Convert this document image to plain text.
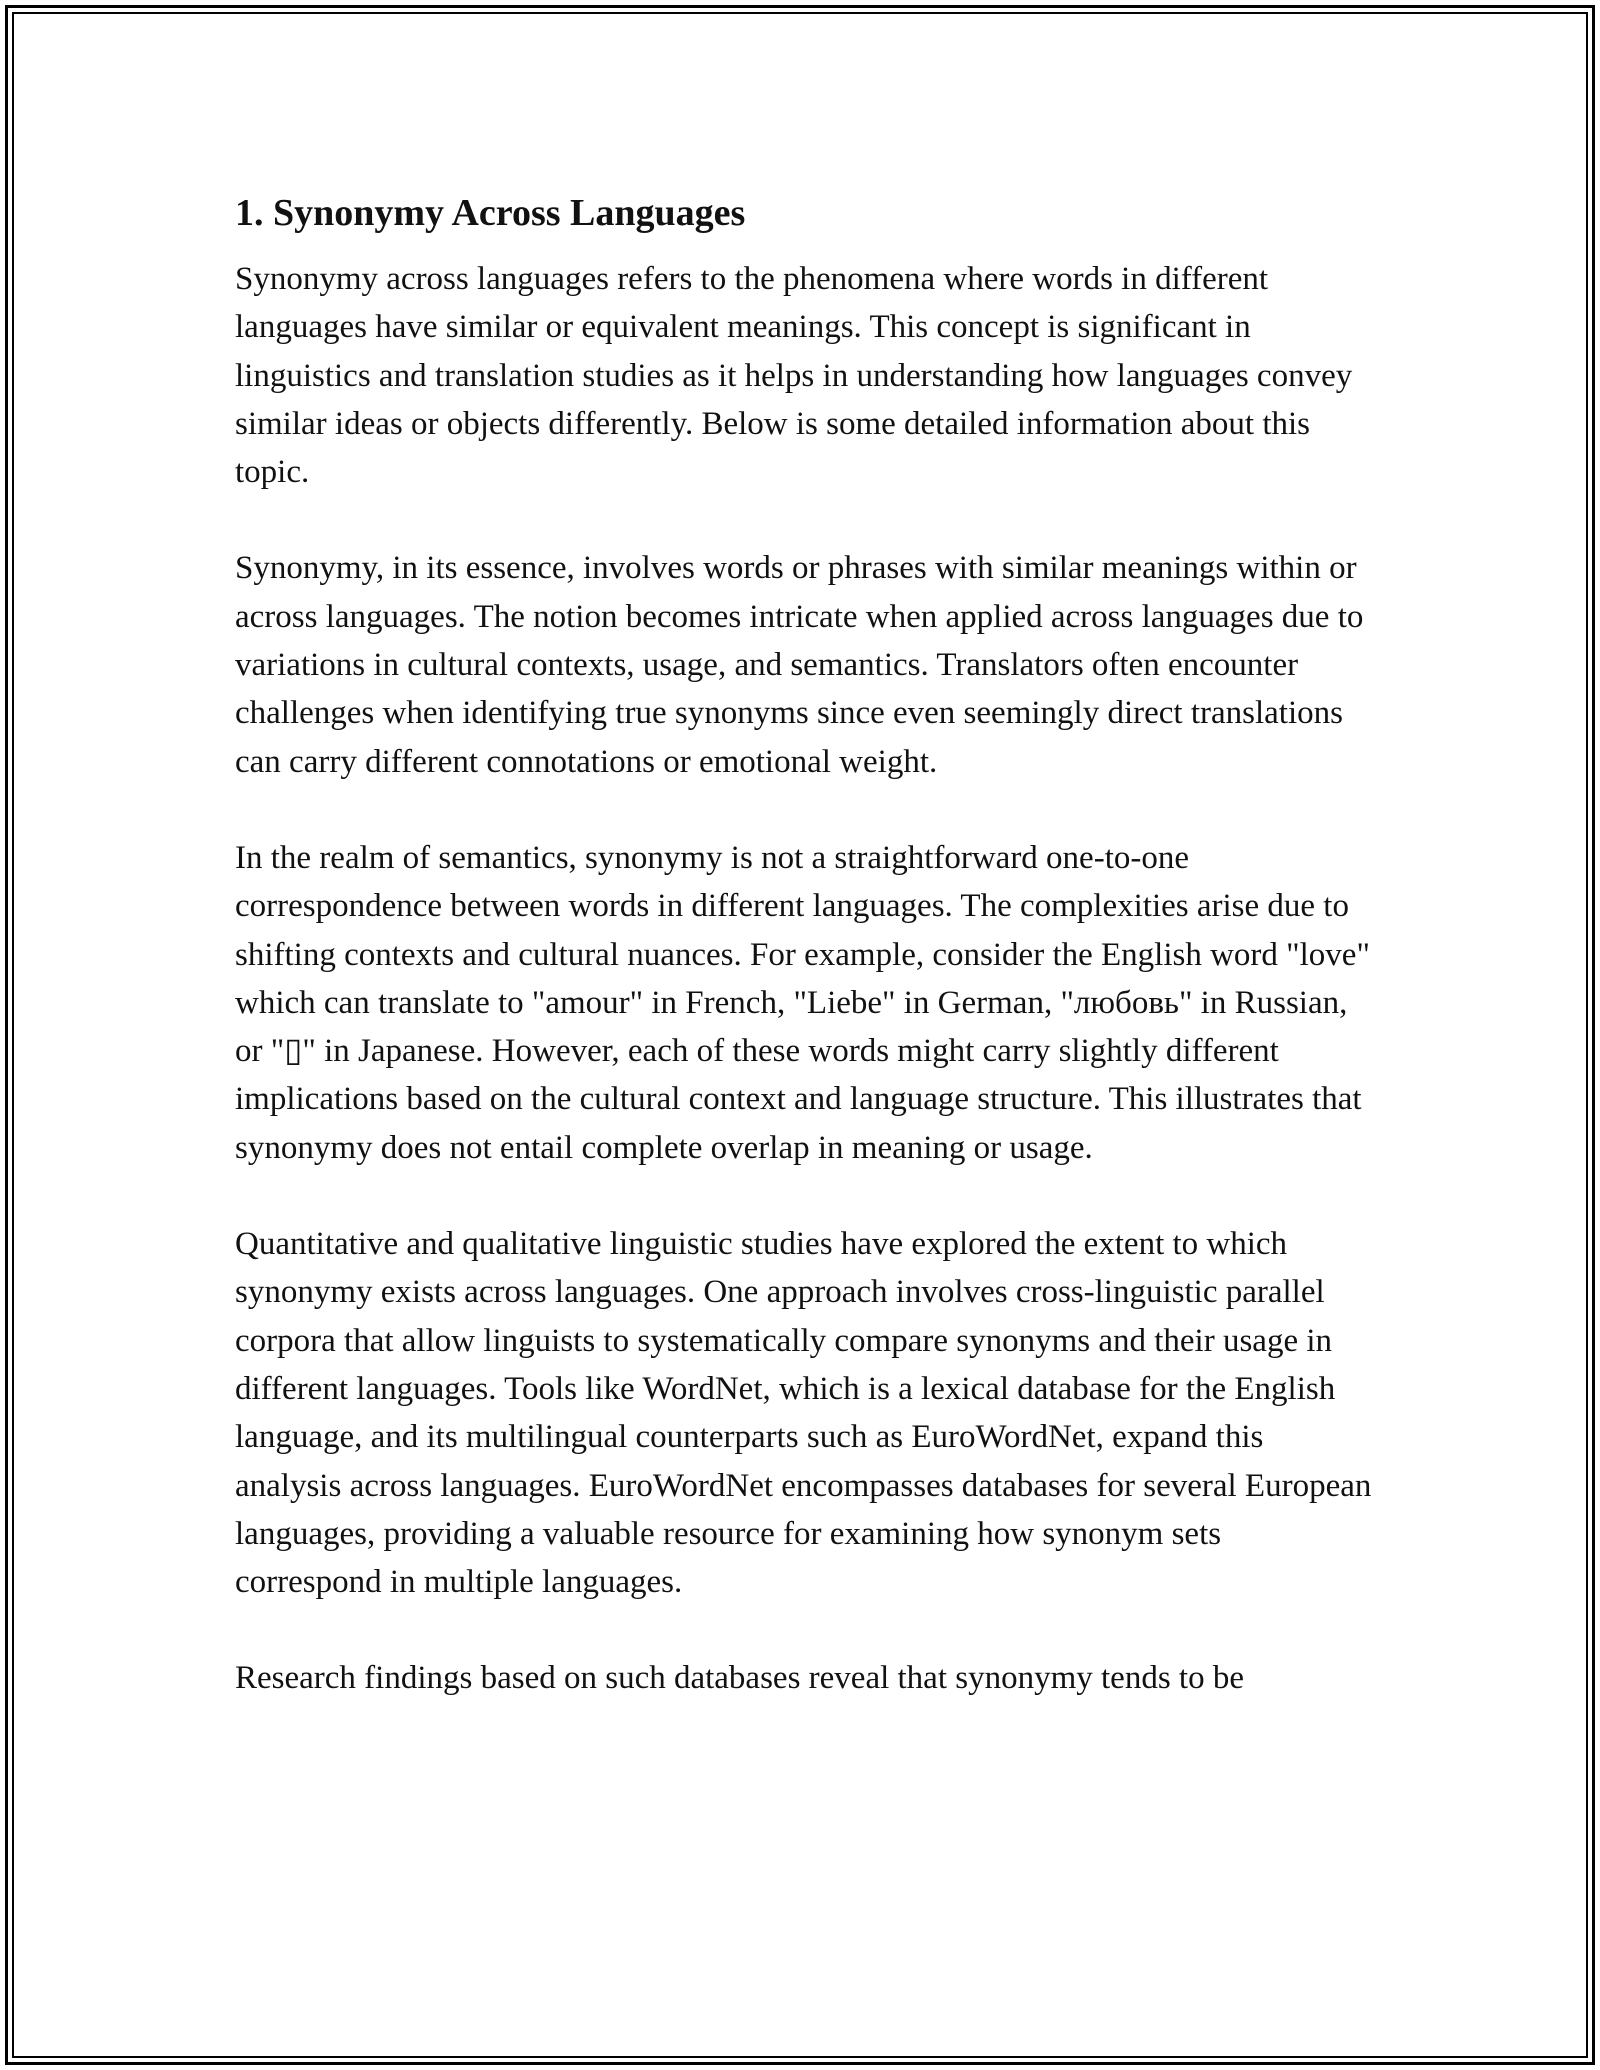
1. Synonymy Across Languages

Synonymy across languages refers to the phenomena where words in different languages have similar or equivalent meanings. This concept is significant in linguistics and translation studies as it helps in understanding how languages convey similar ideas or objects differently. Below is some detailed information about this topic.

Synonymy, in its essence, involves words or phrases with similar meanings within or across languages. The notion becomes intricate when applied across languages due to variations in cultural contexts, usage, and semantics. Translators often encounter challenges when identifying true synonyms since even seemingly direct translations can carry different connotations or emotional weight.

In the realm of semantics, synonymy is not a straightforward one-to-one correspondence between words in different languages. The complexities arise due to shifting contexts and cultural nuances. For example, consider the English word "love" which can translate to "amour" in French, "Liebe" in German, "любовь" in Russian, or "▯" in Japanese. However, each of these words might carry slightly different implications based on the cultural context and language structure. This illustrates that synonymy does not entail complete overlap in meaning or usage.

Quantitative and qualitative linguistic studies have explored the extent to which synonymy exists across languages. One approach involves cross-linguistic parallel corpora that allow linguists to systematically compare synonyms and their usage in different languages. Tools like WordNet, which is a lexical database for the English language, and its multilingual counterparts such as EuroWordNet, expand this analysis across languages. EuroWordNet encompasses databases for several European languages, providing a valuable resource for examining how synonym sets correspond in multiple languages.

Research findings based on such databases reveal that synonymy tends to be
